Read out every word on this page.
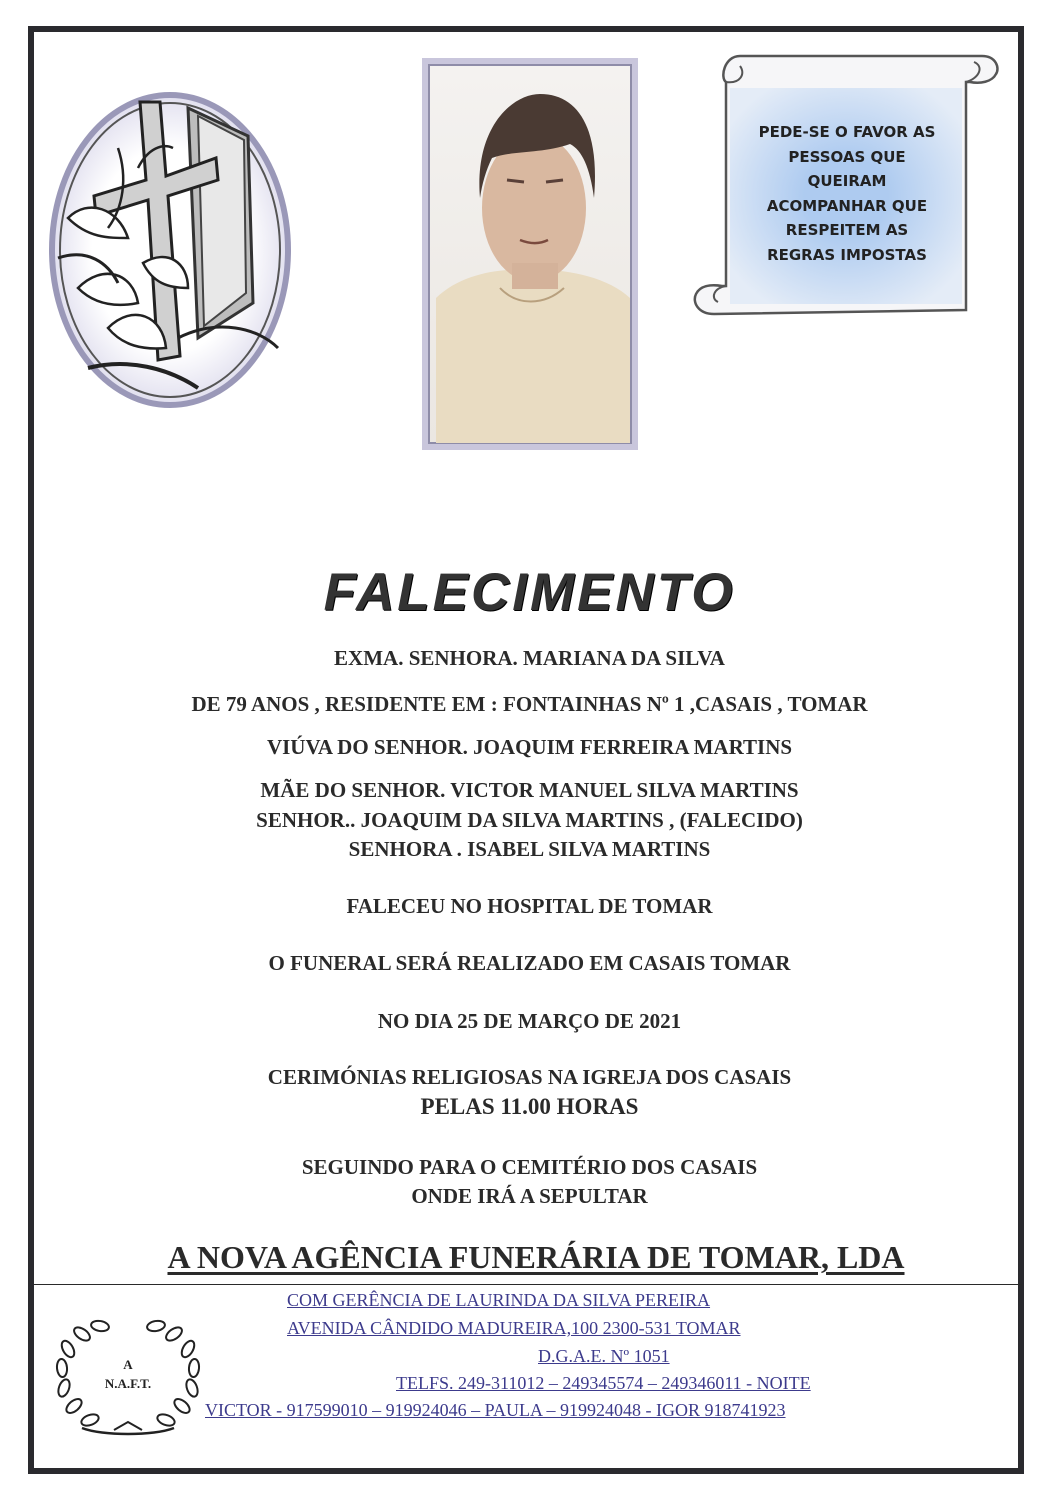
PEDE-SE O FAVOR AS
PESSOAS QUE
QUEIRAM
ACOMPANHAR QUE
RESPEITEM AS
REGRAS IMPOSTAS
FALECIMENTO
EXMA. SENHORA. MARIANA DA SILVA
DE 79 ANOS , RESIDENTE EM : FONTAINHAS Nº 1 ,CASAIS , TOMAR
VIÚVA DO SENHOR. JOAQUIM FERREIRA MARTINS
MÃE DO SENHOR. VICTOR MANUEL SILVA MARTINS
SENHOR.. JOAQUIM DA SILVA MARTINS , (FALECIDO)
SENHORA . ISABEL SILVA MARTINS
FALECEU NO HOSPITAL DE TOMAR
O FUNERAL SERÁ REALIZADO EM CASAIS TOMAR
NO DIA 25 DE MARÇO DE 2021
CERIMÓNIAS RELIGIOSAS NA IGREJA DOS CASAIS
PELAS 11.00 HORAS
SEGUINDO PARA O CEMITÉRIO DOS CASAIS
ONDE IRÁ A SEPULTAR
A NOVA AGÊNCIA FUNERÁRIA DE TOMAR, LDA
A
N.A.F.T.
COM GERÊNCIA DE LAURINDA DA SILVA PEREIRA
AVENIDA CÂNDIDO MADUREIRA,100 2300-531 TOMAR
D.G.A.E. Nº 1051
TELFS. 249-311012 – 249345574 – 249346011 - NOITE
VICTOR - 917599010 – 919924046 – PAULA – 919924048 - IGOR 918741923
